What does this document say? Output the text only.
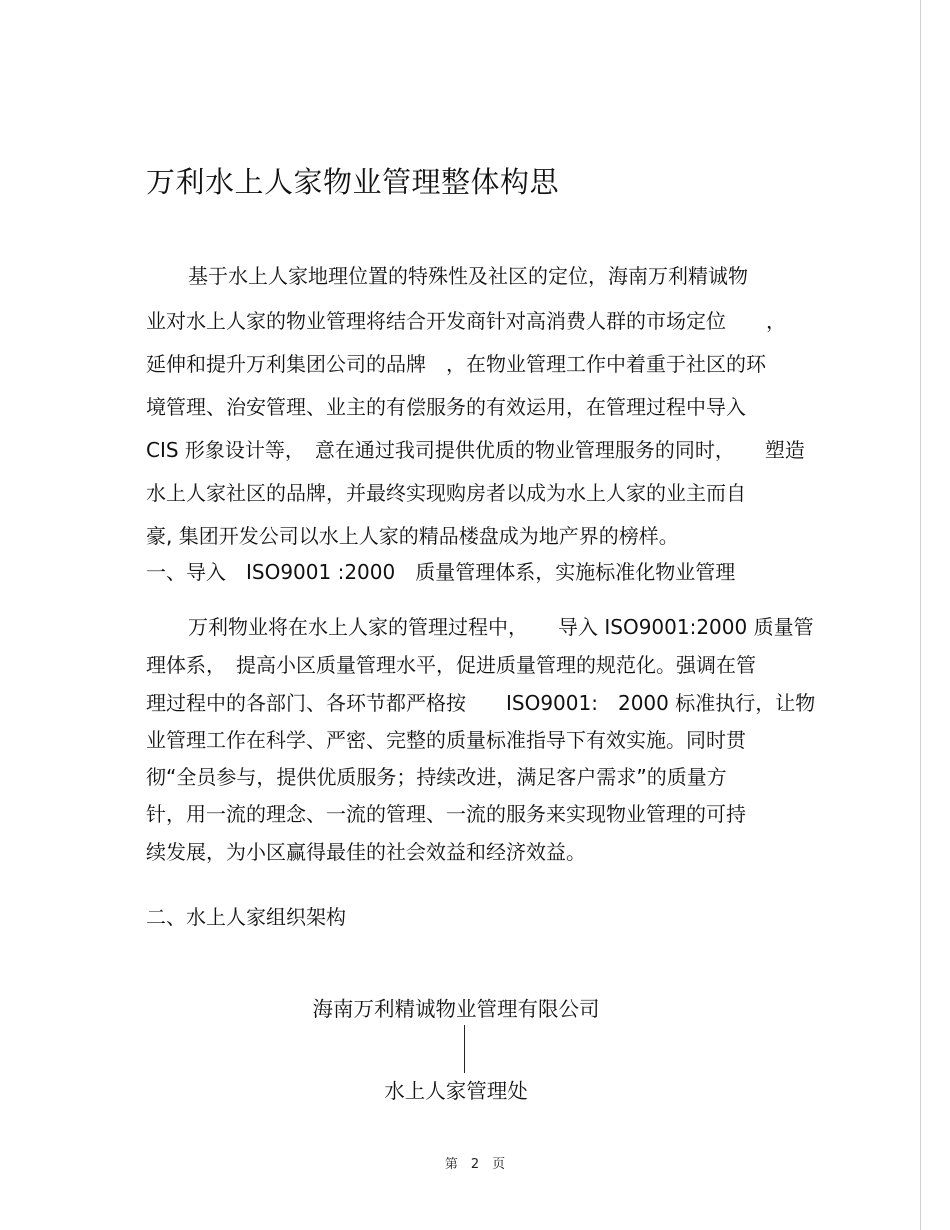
万利水上人家物业管理整体构思
基于水上人家地理位置的特殊性及社区的定位，海南万利精诚物
业对水上人家的物业管理将结合开发商针对高消费人群的市场定位　　，
延伸和提升万利集团公司的品牌　，在物业管理工作中着重于社区的环
境管理、治安管理、业主的有偿服务的有效运用，在管理过程中导入
CIS 形象设计等，　意在通过我司提供优质的物业管理服务的同时，　　塑造
水上人家社区的品牌，并最终实现购房者以成为水上人家的业主而自
豪, 集团开发公司以水上人家的精品楼盘成为地产界的榜样。
一、导入　ISO9001 :2000　质量管理体系，实施标准化物业管理
万利物业将在水上人家的管理过程中，　　导入 ISO9001:2000 质量管
理体系，　提高小区质量管理水平，促进质量管理的规范化。强调在管
理过程中的各部门、各环节都严格按　　ISO9001:　2000 标准执行，让物
业管理工作在科学、严密、完整的质量标准指导下有效实施。同时贯
彻“全员参与，提供优质服务；持续改进，满足客户需求”的质量方
针，用一流的理念、一流的管理、一流的服务来实现物业管理的可持
续发展，为小区赢得最佳的社会效益和经济效益。
二、水上人家组织架构
海南万利精诚物业管理有限公司
水上人家管理处
第　2　页
